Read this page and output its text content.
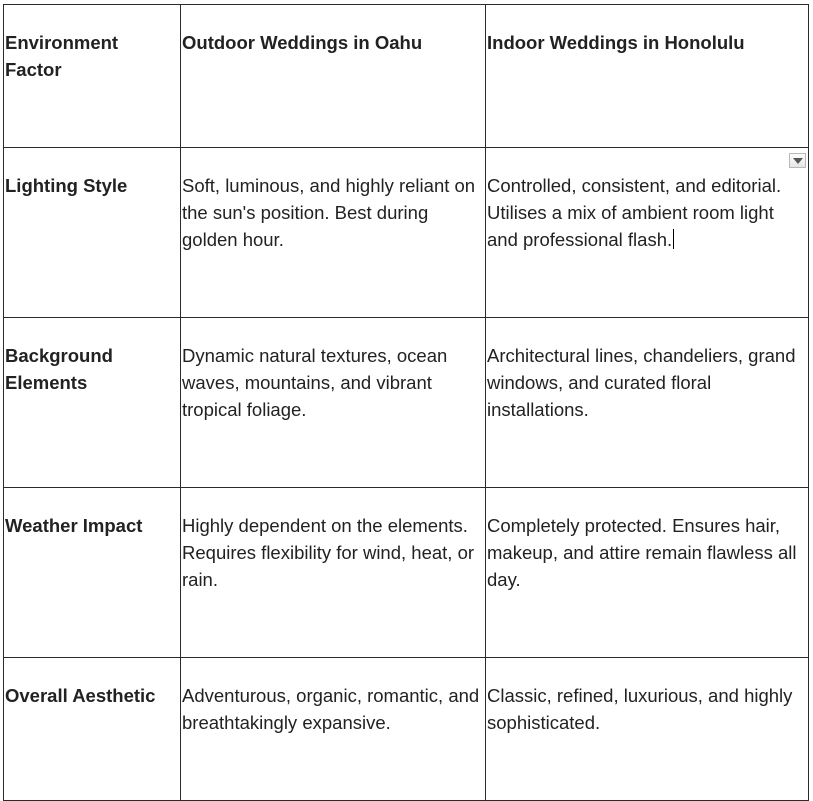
Environment Factor	Outdoor Weddings in Oahu	Indoor Weddings in Honolulu
Lighting Style	Soft, luminous, and highly reliant on the sun's position. Best during golden hour.	Controlled, consistent, and editorial. Utilises a mix of ambient room light and professional flash.

Background Elements	Dynamic natural textures, ocean waves, mountains, and vibrant tropical foliage.	Architectural lines, chandeliers, grand windows, and curated floral installations.
Weather Impact	Highly dependent on the elements. Requires flexibility for wind, heat, or rain.	Completely protected. Ensures hair, makeup, and attire remain flawless all day.
Overall Aesthetic	Adventurous, organic, romantic, and breathtakingly expansive.	Classic, refined, luxurious, and highly sophisticated.
